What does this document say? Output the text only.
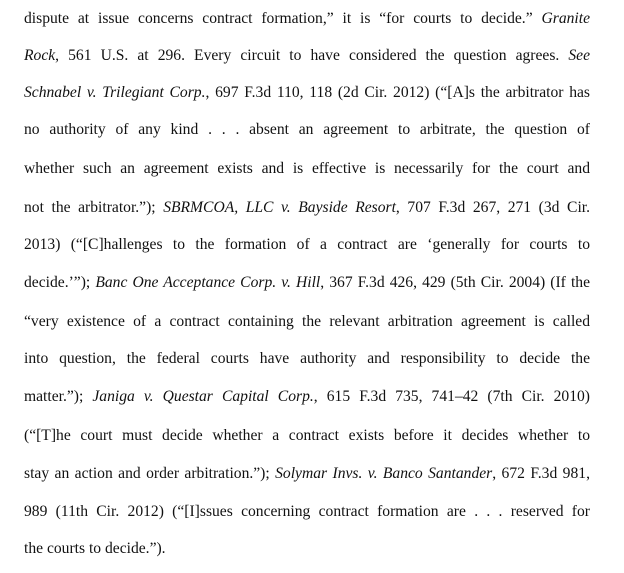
dispute at issue concerns contract formation,” it is “for courts to decide.” Granite
Rock, 561 U.S. at 296. Every circuit to have considered the question agrees. See
Schnabel v. Trilegiant Corp., 697 F.3d 110, 118 (2d Cir. 2012) (“[A]s the arbitrator has
no authority of any kind . . . absent an agreement to arbitrate, the question of
whether such an agreement exists and is effective is necessarily for the court and
not the arbitrator.”); SBRMCOA, LLC v. Bayside Resort, 707 F.3d 267, 271 (3d Cir.
2013) (“[C]hallenges to the formation of a contract are ‘generally for courts to
decide.’”); Banc One Acceptance Corp. v. Hill, 367 F.3d 426, 429 (5th Cir. 2004) (If the
“very existence of a contract containing the relevant arbitration agreement is called
into question, the federal courts have authority and responsibility to decide the
matter.”); Janiga v. Questar Capital Corp., 615 F.3d 735, 741–42 (7th Cir. 2010)
(“[T]he court must decide whether a contract exists before it decides whether to
stay an action and order arbitration.”); Solymar Invs. v. Banco Santander, 672 F.3d 981,
989 (11th Cir. 2012) (“[I]ssues concerning contract formation are . . . reserved for
the courts to decide.”).
